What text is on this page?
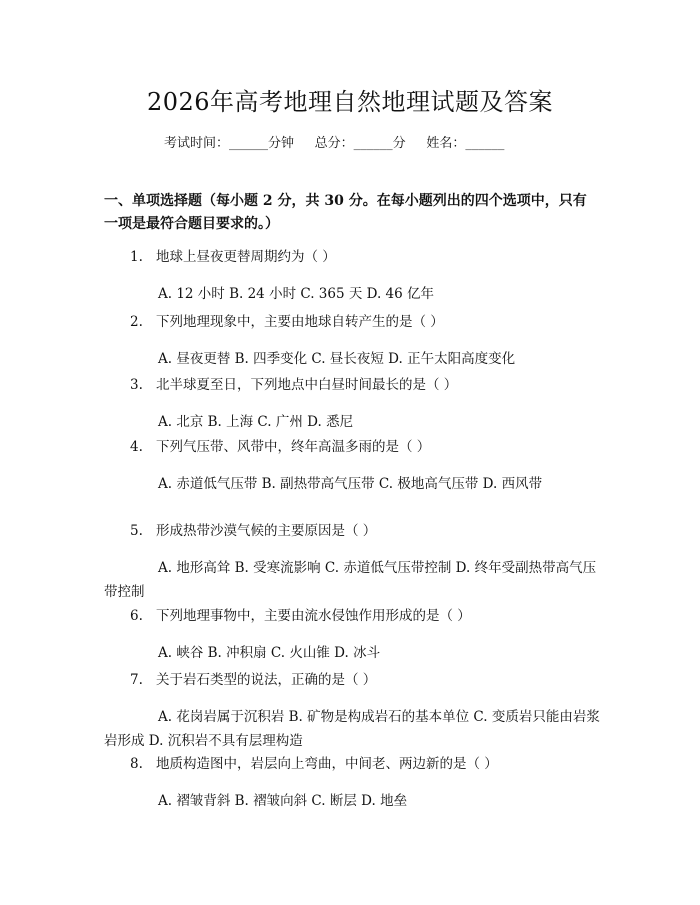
2026年高考地理自然地理试题及答案
考试时间：______分钟     总分：______分     姓名：______
一、单项选择题（每小题 2 分，共 30 分。在每小题列出的四个选项中，只有一项是最符合题目要求的。）
1. 地球上昼夜更替周期约为（ ）
A. 12 小时 B. 24 小时 C. 365 天 D. 46 亿年
2. 下列地理现象中，主要由地球自转产生的是（ ）
A. 昼夜更替 B. 四季变化 C. 昼长夜短 D. 正午太阳高度变化
3. 北半球夏至日，下列地点中白昼时间最长的是（ ）
A. 北京 B. 上海 C. 广州 D. 悉尼
4. 下列气压带、风带中，终年高温多雨的是（ ）
A. 赤道低气压带 B. 副热带高气压带 C. 极地高气压带 D. 西风带
5. 形成热带沙漠气候的主要原因是（ ）
A. 地形高耸 B. 受寒流影响 C. 赤道低气压带控制 D. 终年受副热带高气压带控制
6. 下列地理事物中，主要由流水侵蚀作用形成的是（ ）
A. 峡谷 B. 冲积扇 C. 火山锥 D. 冰斗
7. 关于岩石类型的说法，正确的是（ ）
A. 花岗岩属于沉积岩 B. 矿物是构成岩石的基本单位 C. 变质岩只能由岩浆岩形成 D. 沉积岩不具有层理构造
8. 地质构造图中，岩层向上弯曲，中间老、两边新的是（ ）
A. 褶皱背斜 B. 褶皱向斜 C. 断层 D. 地垒
